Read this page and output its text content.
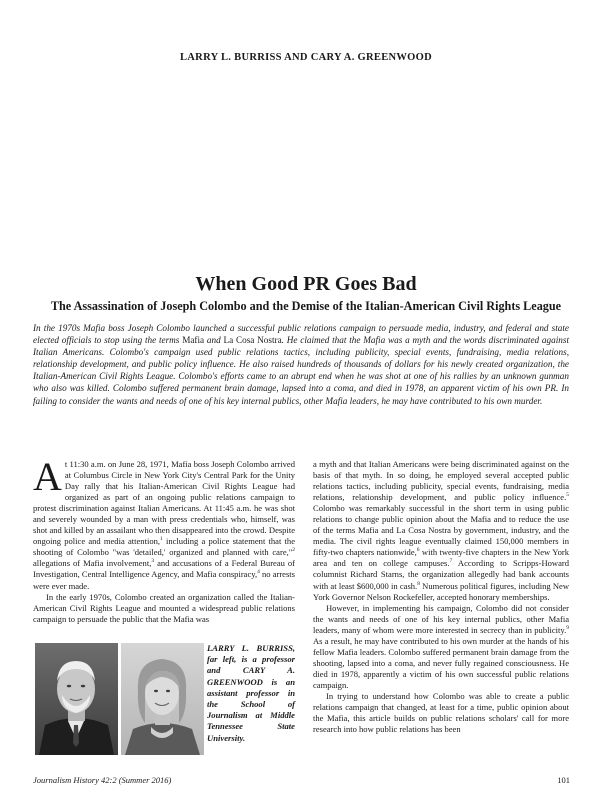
LARRY L. BURRISS AND CARY A. GREENWOOD
When Good PR Goes Bad
The Assassination of Joseph Colombo and the Demise of the Italian-American Civil Rights League

In the 1970s Mafia boss Joseph Colombo launched a successful public relations campaign to persuade media, industry, and federal and state elected officials to stop using the terms Mafia and La Cosa Nostra. He claimed that the Mafia was a myth and the words discriminated against Italian Americans. Colombo's campaign used public relations tactics, including publicity, special events, fundraising, media relations, relationship development, and public policy influence. He also raised hundreds of thousands of dollars for his newly created organization, the Italian-American Civil Rights League. Colombo's efforts came to an abrupt end when he was shot at one of his rallies by an unknown gunman who also was killed. Colombo suffered permanent brain damage, lapsed into a coma, and died in 1978, an apparent victim of his own PR. In failing to consider the wants and needs of one of his key internal publics, other Mafia leaders, he may have contributed to his own murder.

At 11:30 a.m. on June 28, 1971, Mafia boss Joseph Colombo arrived at Columbus Circle in New York City's Central Park for the Unity Day rally that his Italian-American Civil Rights League had organized as part of an ongoing public relations campaign to protest discrimination against Italian Americans. At 11:45 a.m. he was shot and severely wounded by a man with press credentials who, himself, was shot and killed by an assailant who then disappeared into the crowd. Despite ongoing police and media attention,$^1$ including a police statement that the shooting of Colombo "was 'detailed,' organized and planned with care,"$^2$ allegations of Mafia involvement,$^3$ and accusations of a Federal Bureau of Investigation, Central Intelligence Agency, and Mafia conspiracy,$^4$ no arrests were ever made.

In the early 1970s, Colombo created an organization called the Italian-American Civil Rights League and mounted a widespread public relations campaign to persuade the public that the Mafia was

a myth and that Italian Americans were being discriminated against on the basis of that myth. In so doing, he employed several accepted public relations tactics, including publicity, special events, fundraising, media relations, relationship development, and public policy influence.$^5$ Colombo was remarkably successful in the short term in using public relations to change public opinion about the Mafia and to reduce the use of the terms Mafia and La Cosa Nostra by government, industry, and the media. The civil rights league eventually claimed 150,000 members in fifty-two chapters nationwide,$^6$ with twenty-five chapters in the New York area and ten on college campuses.$^7$ According to Scripps-Howard columnist Richard Starns, the organization allegedly had bank accounts with at least $600,000 in cash.$^8$ Numerous political figures, including New York Governor Nelson Rockefeller, accepted honorary memberships.

However, in implementing his campaign, Colombo did not consider the wants and needs of one of his key internal publics, other Mafia leaders, many of whom were more interested in secrecy than in publicity.$^9$ As a result, he may have contributed to his own murder at the hands of his fellow Mafia leaders. Colombo suffered permanent brain damage from the shooting, lapsed into a coma, and never fully regained consciousness. He died in 1978, apparently a victim of his own successful public relations campaign.

In trying to understand how Colombo was able to create a public relations campaign that changed, at least for a time, public opinion about the Mafia, this article builds on public relations scholars' call for more research into how public relations has been

LARRY L. BURRISS, far left, is a professor and CARY A. GREENWOOD is an assistant professor in the School of Journalism at Middle Tennessee State University.
Journalism History 42:2 (Summer 2016)	101
